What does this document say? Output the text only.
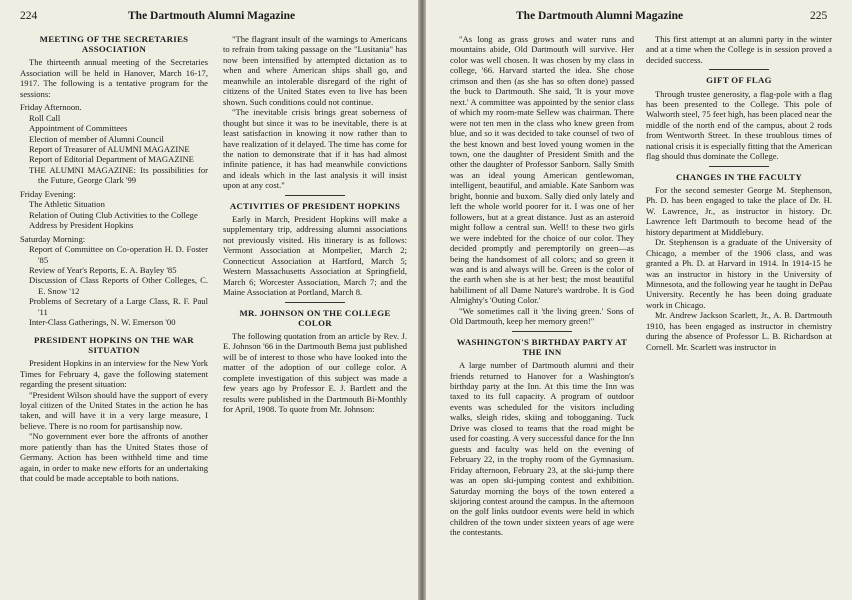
224	The Dartmouth Alumni Magazine
MEETING OF THE SECRETARIES ASSOCIATION

The thirteenth annual meeting of the Secretaries Association will be held in Hanover, March 16-17, 1917. The following is a tentative program for the sessions:

Friday Afternoon.

Roll Call

Appointment of Committees

Election of member of Alumni Council

Report of Treasurer of ALUMNI MAGAZINE

Report of Editorial Department of MAGAZINE

THE ALUMNI MAGAZINE: Its possibilities for the Future, George Clark '99

Friday Evening:

The Athletic Situation

Relation of Outing Club Activities to the College

Address by President Hopkins

Saturday Morning:

Report of Committee on Co-operation H. D. Foster '85

Review of Year's Reports, E. A. Bayley '85

Discussion of Class Reports of Other Colleges, C. E. Snow '12

Problems of Secretary of a Large Class, R. F. Paul '11

Inter-Class Gatherings, N. W. Emerson '00

PRESIDENT HOPKINS ON THE WAR SITUATION

President Hopkins in an interview for the New York Times for February 4, gave the following statement regarding the present situation:

"President Wilson should have the support of every loyal citizen of the United States in the action he has taken, and will have it in a very large measure, I believe. There is no room for partisanship now.

"No government ever bore the affronts of another more patiently than has the United States those of Germany. Action has been withheld time and time again, in order to make new efforts for an undertaking that could be made acceptable to both nations.

"The flagrant insult of the warnings to Americans to refrain from taking passage on the "Lusitania" has now been intensified by attempted dictation as to when and where American ships shall go, and meanwhile an intolerable disregard of the right of citizens of the United States even to live has been shown. Such conditions could not continue.

"The inevitable crisis brings great soberness of thought but since it was to be inevitable, there is at least satisfaction in knowing it now rather than to have realization of it delayed. The time has come for the nation to demonstrate that if it has had almost infinite patience, it has had meanwhile convictions and ideals which in the last analysis it will insist upon at any cost."

ACTIVITIES OF PRESIDENT HOPKINS

Early in March, President Hopkins will make a supplementary trip, addressing alumni associations not previously visited. His itinerary is as follows: Vermont Association at Montpelier, March 2; Connecticut Association at Hartford, March 5; Western Massachusetts Association at Springfield, March 6; Worcester Association, March 7; and the Maine Association at Portland, March 8.

MR. JOHNSON ON THE COLLEGE COLOR

The following quotation from an article by Rev. J. E. Johnson '66 in the Dartmouth Bema just published will be of interest to those who have looked into the matter of the adoption of our college color. A complete investigation of this subject was made a few years ago by Professor E. J. Bartlett and the results were published in the Dartmouth Bi-Monthly for April, 1908. To quote from Mr. Johnson:

The Dartmouth Alumni Magazine	225

"As long as grass grows and water runs and mountains abide, Old Dartmouth will survive. Her color was well chosen. It was chosen by my class in college, '66. Harvard started the idea. She chose crimson and then (as she has so often done) passed the buck to Dartmouth. She said, 'It is your move next.' A committee was appointed by the senior class of which my room-mate Sellew was chairman. There were not ten men in the class who knew green from blue, and so it was decided to take counsel of two of the best known and best loved young women in the town, one the daughter of President Smith and the other the daughter of Professor Sanborn. Sally Smith was an ideal young American gentlewoman, intelligent, beautiful, and amiable. Kate Sanborn was bright, bonnie and buxom. Sally died only lately and left the whole world poorer for it. I was one of her followers, but at a great distance. Just as an asteroid might follow a central sun. Well! to these two girls we were indebted for the choice of our color. They decided promptly and peremptorily on green—as being the handsomest of all colors; and so green it was and is and always will be. Green is the color of the earth when she is at her best; the most beautiful habiliment of all Dame Nature's wardrobe. It is God Almighty's 'Outing Color.'

"We sometimes call it 'the living green.' Sons of Old Dartmouth, keep her memory green!"

WASHINGTON'S BIRTHDAY PARTY AT THE INN

A large number of Dartmouth alumni and their friends returned to Hanover for a Washington's birthday party at the Inn. At this time the Inn was taxed to its full capacity. A program of outdoor events was scheduled for the visitors including walks, sleigh rides, skiing and tobogganing. Tuck Drive was closed to teams that the road might be used for coasting. A very successful dance for the Inn guests and faculty was held on the evening of February 22, in the trophy room of the Gymnasium. Friday afternoon, February 23, at the ski-jump there was an open ski-jumping contest and exhibition. Saturday morning the boys of the town entered a skijoring contest around the campus. In the afternoon on the golf links outdoor events were held in which children of the town under sixteen years of age were the contestants.

This first attempt at an alumni party in the winter and at a time when the College is in session proved a decided success.

GIFT OF FLAG

Through trustee generosity, a flag-pole with a flag has been presented to the College. This pole of Walworth steel, 75 feet high, has been placed near the middle of the north end of the campus, about 2 rods from Wentworth Street. In these troublous times of national crisis it is especially fitting that the American flag should thus dominate the College.

CHANGES IN THE FACULTY

For the second semester George M. Stephenson, Ph. D. has been engaged to take the place of Dr. H. W. Lawrence, Jr., as instructor in history. Dr. Lawrence left Dartmouth to become head of the history department at Middlebury.

Dr. Stephenson is a graduate of the University of Chicago, a member of the 1906 class, and was granted a Ph. D. at Harvard in 1914. In 1914-15 he was an instructor in history in the University of Minnesota, and the following year he taught in DePau University. Recently he has been doing graduate work in Chicago.

Mr. Andrew Jackson Scarlett, Jr., A. B. Dartmouth 1910, has been engaged as instructor in chemistry during the absence of Professor L. B. Richardson at Cornell. Mr. Scarlett was instructor in
